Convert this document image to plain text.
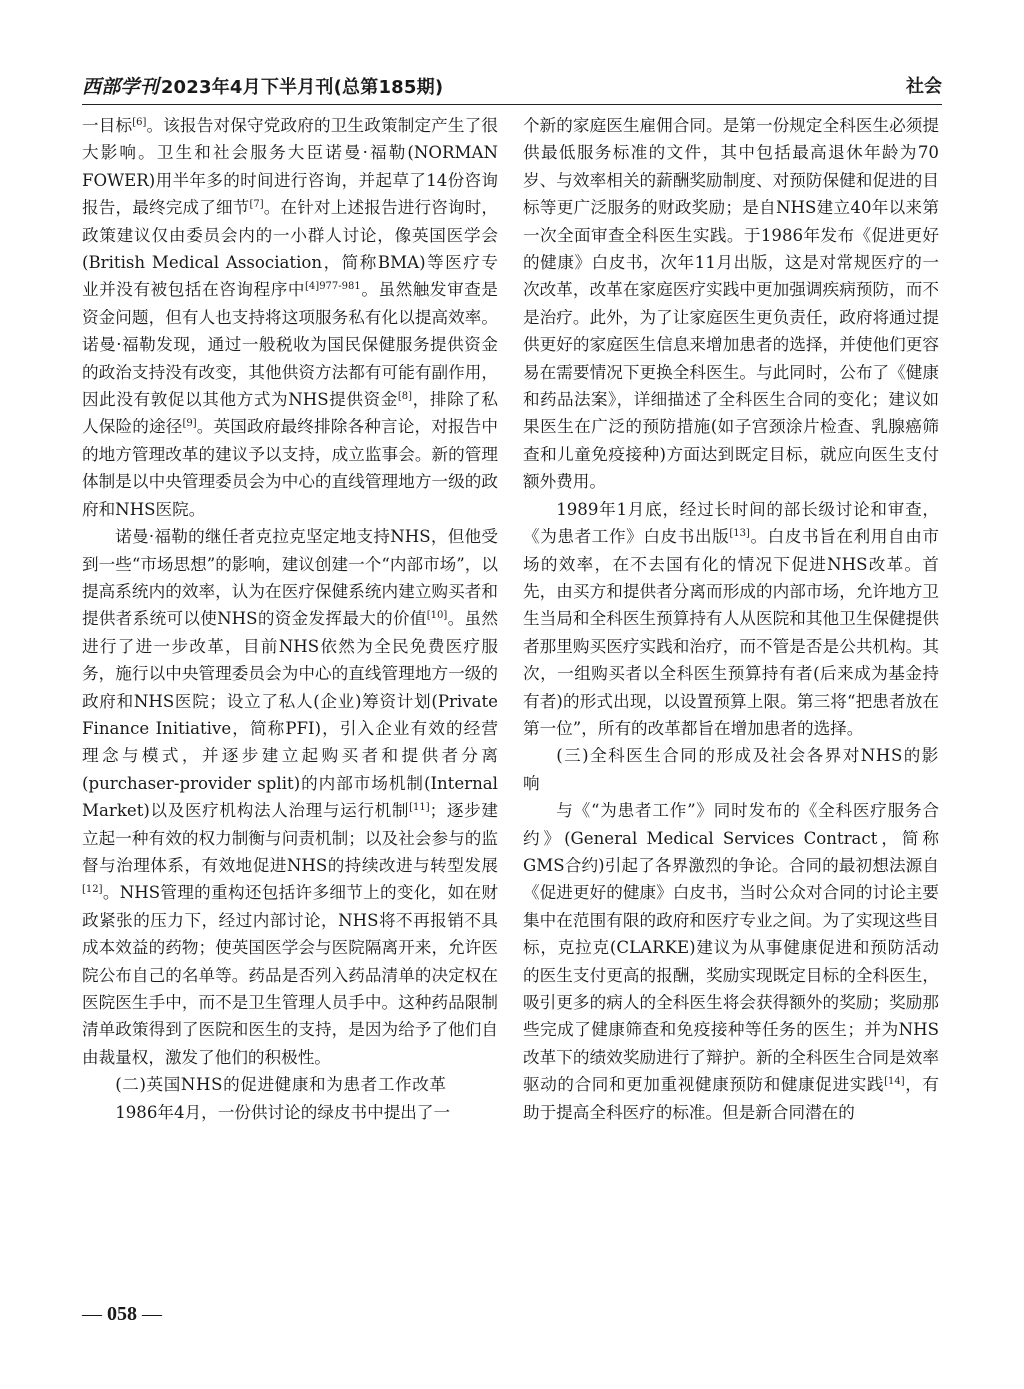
西部学刊 2023年4月下半月刊(总第185期)	社会

一目标[6]。该报告对保守党政府的卫生政策制定产生了很大影响。卫生和社会服务大臣诺曼·福勒(NORMAN FOWER)用半年多的时间进行咨询，并起草了14份咨询报告，最终完成了细节[7]。在针对上述报告进行咨询时，政策建议仅由委员会内的一小群人讨论，像英国医学会(British Medical Association，简称BMA)等医疗专业并没有被包括在咨询程序中$^{[4]977-981}$。虽然触发审查是资金问题，但有人也支持将这项服务私有化以提高效率。诺曼·福勒发现，通过一般税收为国民保健服务提供资金的政治支持没有改变，其他供资方法都有可能有副作用，因此没有敦促以其他方式为NHS提供资金[8]，排除了私人保险的途径[9]。英国政府最终排除各种言论，对报告中的地方管理改革的建议予以支持，成立监事会。新的管理体制是以中央管理委员会为中心的直线管理地方一级的政府和NHS医院。

诺曼·福勒的继任者克拉克坚定地支持NHS，但他受到一些“市场思想”的影响，建议创建一个“内部市场”，以提高系统内的效率，认为在医疗保健系统内建立购买者和提供者系统可以使NHS的资金发挥最大的价值[10]。虽然进行了进一步改革，目前NHS依然为全民免费医疗服务，施行以中央管理委员会为中心的直线管理地方一级的政府和NHS医院；设立了私人(企业)筹资计划(Private Finance Initiative，简称PFI)，引入企业有效的经营理念与模式，并逐步建立起购买者和提供者分离(purchaser-provider split)的内部市场机制(Internal Market)以及医疗机构法人治理与运行机制[11]；逐步建立起一种有效的权力制衡与问责机制；以及社会参与的监督与治理体系，有效地促进NHS的持续改进与转型发展[12]。NHS管理的重构还包括许多细节上的变化，如在财政紧张的压力下，经过内部讨论，NHS将不再报销不具成本效益的药物；使英国医学会与医院隔离开来，允许医院公布自己的名单等。药品是否列入药品清单的决定权在医院医生手中，而不是卫生管理人员手中。这种药品限制清单政策得到了医院和医生的支持，是因为给予了他们自由裁量权，激发了他们的积极性。

(二)英国NHS的促进健康和为患者工作改革

1986年4月，一份供讨论的绿皮书中提出了一

个新的家庭医生雇佣合同。是第一份规定全科医生必须提供最低服务标准的文件，其中包括最高退休年龄为70岁、与效率相关的薪酬奖励制度、对预防保健和促进的目标等更广泛服务的财政奖励；是自NHS建立40年以来第一次全面审查全科医生实践。于1986年发布《促进更好的健康》白皮书，次年11月出版，这是对常规医疗的一次改革，改革在家庭医疗实践中更加强调疾病预防，而不是治疗。此外，为了让家庭医生更负责任，政府将通过提供更好的家庭医生信息来增加患者的选择，并使他们更容易在需要情况下更换全科医生。与此同时，公布了《健康和药品法案》，详细描述了全科医生合同的变化；建议如果医生在广泛的预防措施(如子宫颈涂片检查、乳腺癌筛查和儿童免疫接种)方面达到既定目标，就应向医生支付额外费用。

1989年1月底，经过长时间的部长级讨论和审查，《为患者工作》白皮书出版[13]。白皮书旨在利用自由市场的效率，在不去国有化的情况下促进NHS改革。首先，由买方和提供者分离而形成的内部市场，允许地方卫生当局和全科医生预算持有人从医院和其他卫生保健提供者那里购买医疗实践和治疗，而不管是否是公共机构。其次，一组购买者以全科医生预算持有者(后来成为基金持有者)的形式出现，以设置预算上限。第三将“把患者放在第一位”，所有的改革都旨在增加患者的选择。

(三)全科医生合同的形成及社会各界对NHS的影响

与《“为患者工作”》同时发布的《全科医疗服务合约》(General Medical Services Contract，简称GMS合约)引起了各界激烈的争论。合同的最初想法源自《促进更好的健康》白皮书，当时公众对合同的讨论主要集中在范围有限的政府和医疗专业之间。为了实现这些目标，克拉克(CLARKE)建议为从事健康促进和预防活动的医生支付更高的报酬，奖励实现既定目标的全科医生，吸引更多的病人的全科医生将会获得额外的奖励；奖励那些完成了健康筛查和免疫接种等任务的医生；并为NHS改革下的绩效奖励进行了辩护。新的全科医生合同是效率驱动的合同和更加重视健康预防和健康促进实践[14]，有助于提高全科医疗的标准。但是新合同潜在的

— 058 —
